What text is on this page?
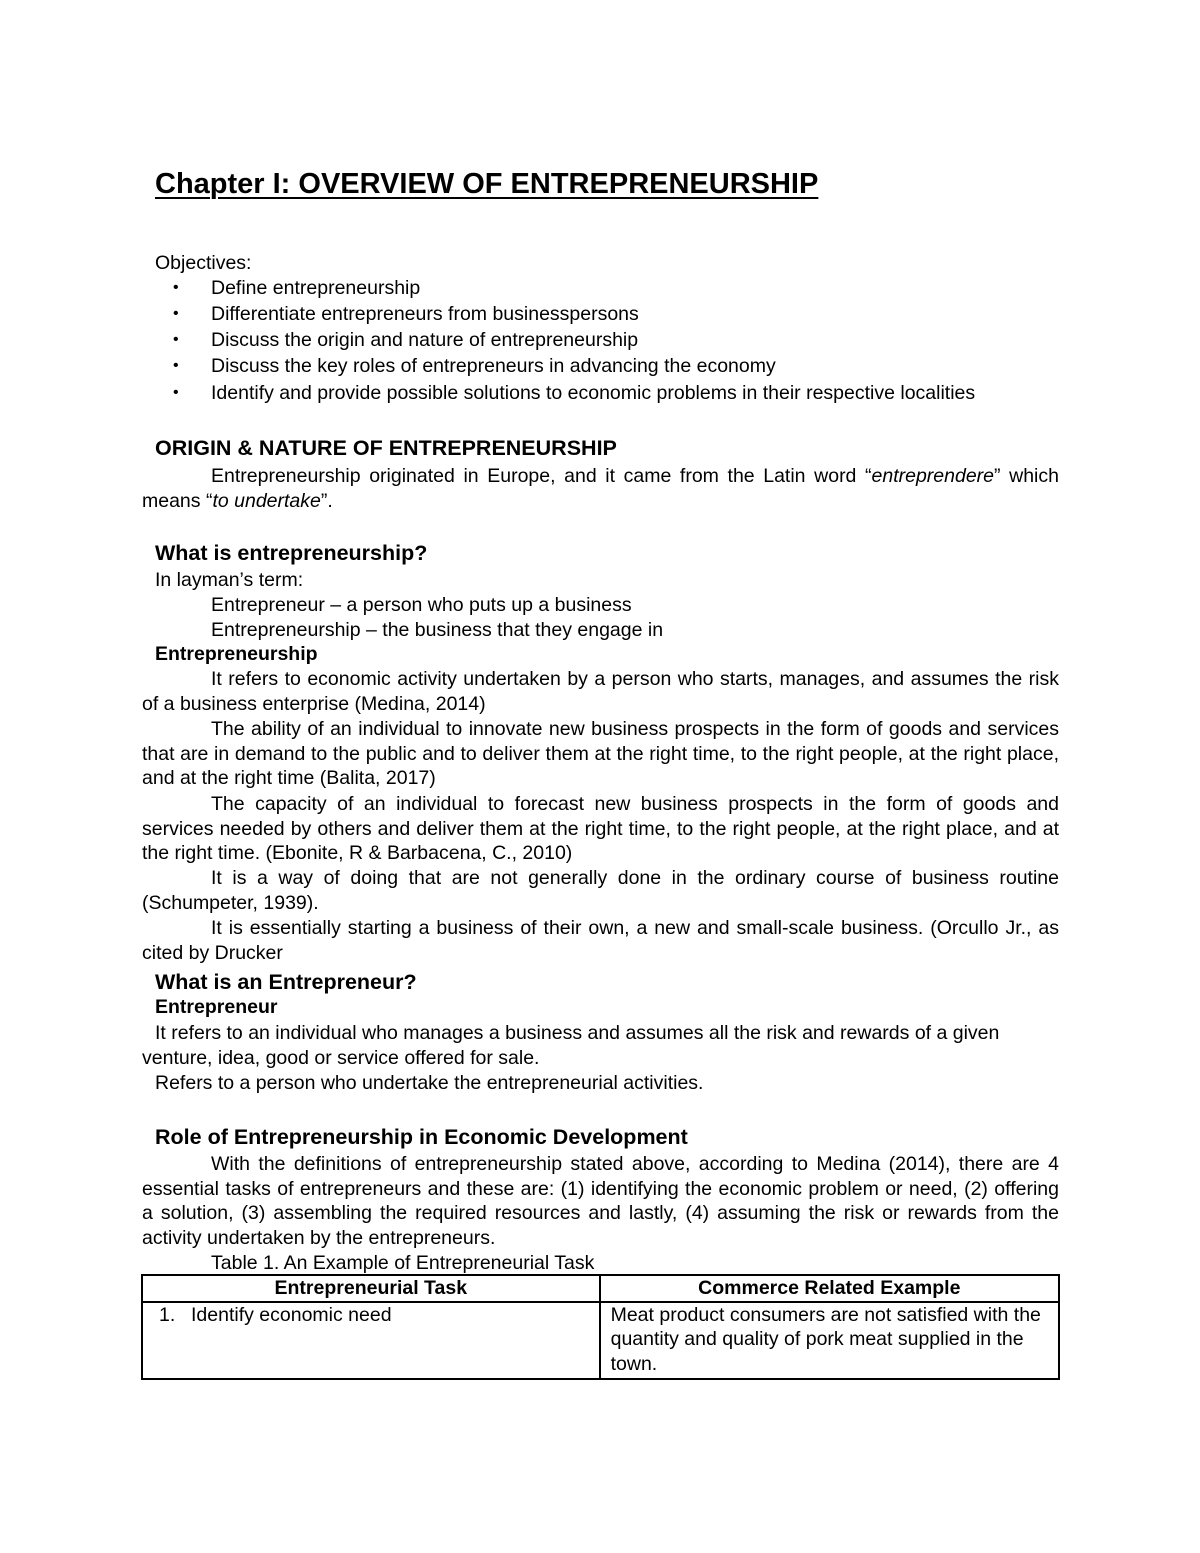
Chapter I: OVERVIEW OF ENTREPRENEURSHIP
Objectives:
• Define entrepreneurship
• Differentiate entrepreneurs from businesspersons
• Discuss the origin and nature of entrepreneurship
• Discuss the key roles of entrepreneurs in advancing the economy
• Identify and provide possible solutions to economic problems in their respective localities
ORIGIN & NATURE OF ENTREPRENEURSHIP
Entrepreneurship originated in Europe, and it came from the Latin word “entreprendere” which means “to undertake”.
What is entrepreneurship?
In layman’s term:
Entrepreneur – a person who puts up a business
Entrepreneurship – the business that they engage in
Entrepreneurship
It refers to economic activity undertaken by a person who starts, manages, and assumes the risk of a business enterprise (Medina, 2014)
The ability of an individual to innovate new business prospects in the form of goods and services that are in demand to the public and to deliver them at the right time, to the right people, at the right place, and at the right time (Balita, 2017)
The capacity of an individual to forecast new business prospects in the form of goods and services needed by others and deliver them at the right time, to the right people, at the right place, and at the right time. (Ebonite, R & Barbacena, C., 2010)
It is a way of doing that are not generally done in the ordinary course of business routine (Schumpeter, 1939).
It is essentially starting a business of their own, a new and small-scale business. (Orcullo Jr., as cited by Drucker
What is an Entrepreneur?
Entrepreneur
It refers to an individual who manages a business and assumes all the risk and rewards of a given venture, idea, good or service offered for sale.
Refers to a person who undertake the entrepreneurial activities.
Role of Entrepreneurship in Economic Development
With the definitions of entrepreneurship stated above, according to Medina (2014), there are 4 essential tasks of entrepreneurs and these are: (1) identifying the economic problem or need, (2) offering a solution, (3) assembling the required resources and lastly, (4) assuming the risk or rewards from the activity undertaken by the entrepreneurs.
Table 1. An Example of Entrepreneurial Task
Entrepreneurial Task	Commerce Related Example
1. Identify economic need	Meat product consumers are not satisfied with the quantity and quality of pork meat supplied in the town.
